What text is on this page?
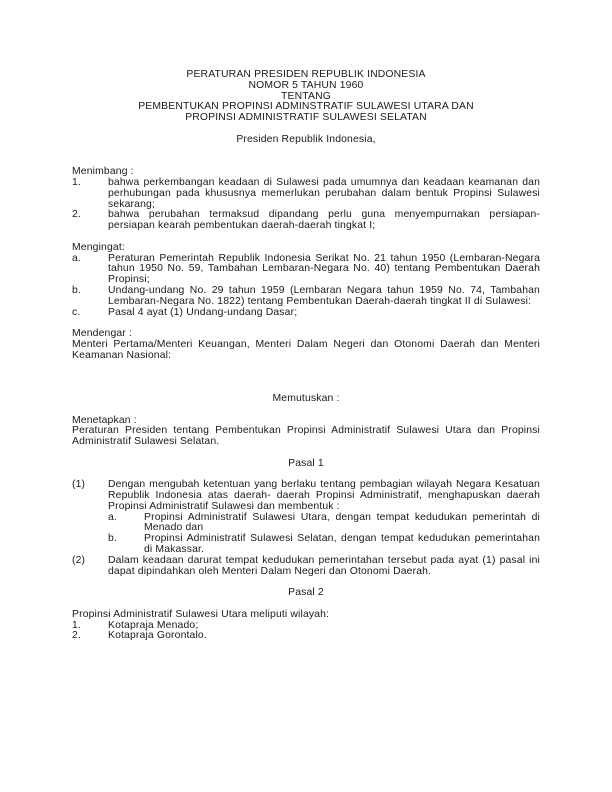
PERATURAN PRESIDEN REPUBLIK INDONESIA
NOMOR 5 TAHUN 1960
TENTANG
PEMBENTUKAN PROPINSI ADMINSTRATIF SULAWESI UTARA DAN
PROPINSI ADMINISTRATIF SULAWESI SELATAN
Presiden Republik Indonesia,
Menimbang :
1.	bahwa perkembangan keadaan di Sulawesi pada umumnya dan keadaan keamanan dan perhubungan pada khususnya memerlukan perubahan dalam bentuk Propinsi Sulawesi sekarang;
2.	bahwa perubahan termaksud dipandang perlu guna menyempurnakan persiapan-persiapan kearah pembentukan daerah-daerah tingkat I;
Mengingat:
a.	Peraturan Pemerintah Republik Indonesia Serikat No. 21 tahun 1950 (Lembaran-Negara tahun 1950 No. 59, Tambahan Lembaran-Negara No. 40) tentang Pembentukan Daerah Propinsi;
b.	Undang-undang No. 29 tahun 1959 (Lembaran Negara tahun 1959 No. 74, Tambahan Lembaran-Negara No. 1822) tentang Pembentukan Daerah-daerah tingkat II di Sulawesi:
c.	Pasal 4 ayat (1) Undang-undang Dasar;
Mendengar :
Menteri Pertama/Menteri Keuangan, Menteri Dalam Negeri dan Otonomi Daerah dan Menteri Keamanan Nasional:
Memutuskan :
Menetapkan :
Peraturan Presiden tentang Pembentukan Propinsi Administratif Sulawesi Utara dan Propinsi Administratif Sulawesi Selatan.
Pasal 1
(1)	Dengan mengubah ketentuan yang berlaku tentang pembagian wilayah Negara Kesatuan Republik Indonesia atas daerah- daerah Propinsi Administratif, menghapuskan daerah Propinsi Administratif Sulawesi dan membentuk :
a.	Propinsi Administratif Sulawesi Utara, dengan tempat kedudukan pemerintah di Menado dan
b.	Propinsi Administratif Sulawesi Selatan, dengan tempat kedudukan pemerintahan di Makassar.
(2)	Dalam keadaan darurat tempat kedudukan pemerintahan tersebut pada ayat (1) pasal ini dapat dipindahkan oleh Menteri Dalam Negeri dan Otonomi Daerah.
Pasal 2
Propinsi Administratif Sulawesi Utara meliputi wilayah:
1.	Kotapraja Menado;
2.	Kotapraja Gorontalo.
